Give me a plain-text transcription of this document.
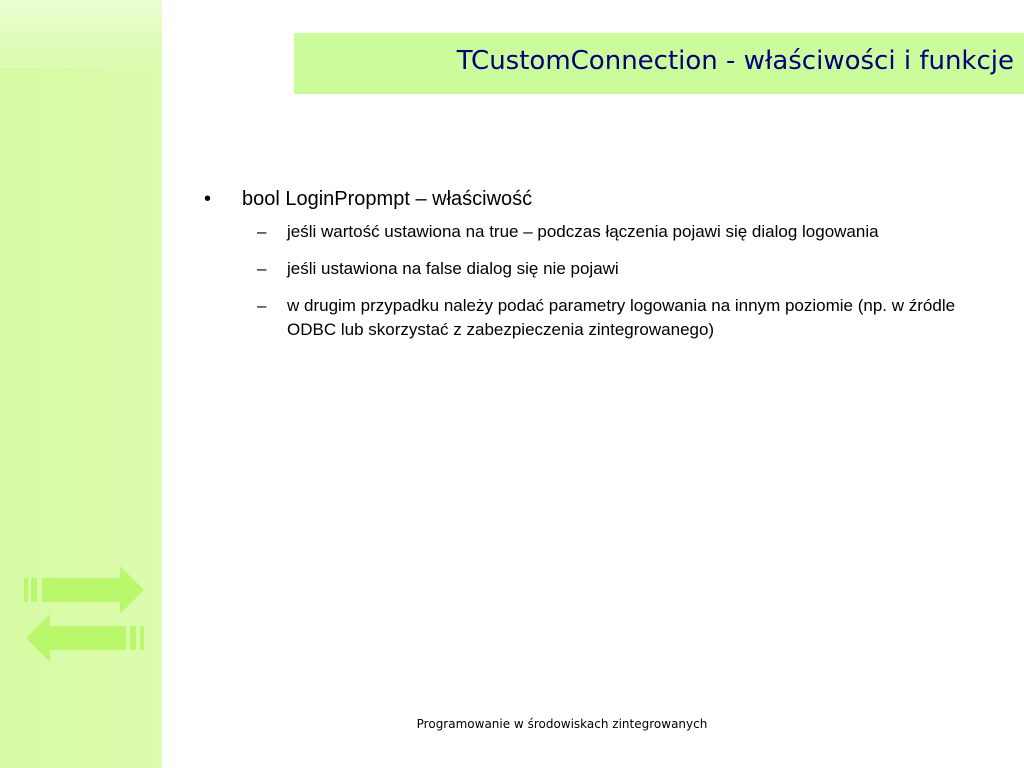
TCustomConnection - właściwości i funkcje
•	bool LoginPropmpt – właściwość
– jeśli wartość ustawiona na true – podczas łączenia pojawi się dialog logowania
– jeśli ustawiona na false dialog się nie pojawi
– w drugim przypadku należy podać parametry logowania na innym poziomie (np. w źródle ODBC lub skorzystać z zabezpieczenia zintegrowanego)
Programowanie w środowiskach zintegrowanych
